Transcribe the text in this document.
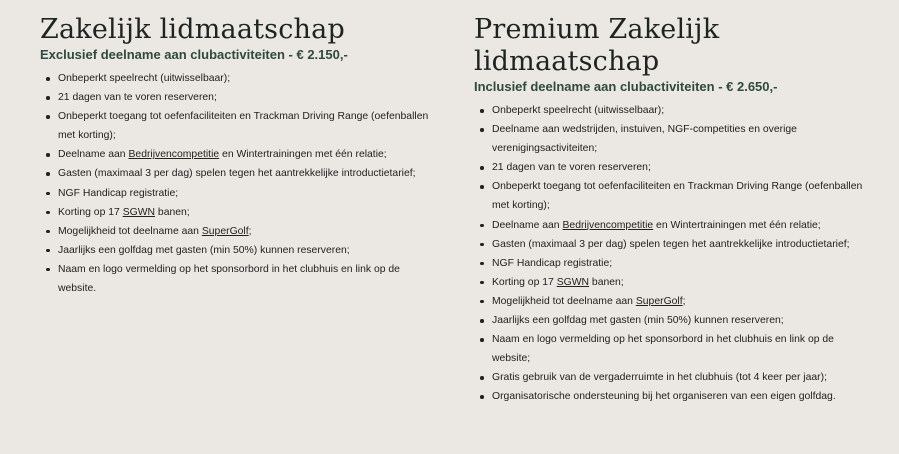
Zakelijk lidmaatschap
Exclusief deelname aan clubactiviteiten - € 2.150,-
Onbeperkt speelrecht (uitwisselbaar);
21 dagen van te voren reserveren;
Onbeperkt toegang tot oefenfaciliteiten en Trackman Driving Range (oefenballen met korting);
Deelname aan Bedrijvencompetitie en Wintertrainingen met één relatie;
Gasten (maximaal 3 per dag) spelen tegen het aantrekkelijke introductietarief;
NGF Handicap registratie;
Korting op 17 SGWN banen;
Mogelijkheid tot deelname aan SuperGolf;
Jaarlijks een golfdag met gasten (min 50%) kunnen reserveren;
Naam en logo vermelding op het sponsorbord in het clubhuis en link op de website.
Premium Zakelijk lidmaatschap
Inclusief deelname aan clubactiviteiten - € 2.650,-
Onbeperkt speelrecht (uitwisselbaar);
Deelname aan wedstrijden, instuiven, NGF-competities en overige verenigingsactiviteiten;
21 dagen van te voren reserveren;
Onbeperkt toegang tot oefenfaciliteiten en Trackman Driving Range (oefenballen met korting);
Deelname aan Bedrijvencompetitie en Wintertrainingen met één relatie;
Gasten (maximaal 3 per dag) spelen tegen het aantrekkelijke introductietarief;
NGF Handicap registratie;
Korting op 17 SGWN banen;
Mogelijkheid tot deelname aan SuperGolf;
Jaarlijks een golfdag met gasten (min 50%) kunnen reserveren;
Naam en logo vermelding op het sponsorbord in het clubhuis en link op de website;
Gratis gebruik van de vergaderruimte in het clubhuis (tot 4 keer per jaar);
Organisatorische ondersteuning bij het organiseren van een eigen golfdag.
